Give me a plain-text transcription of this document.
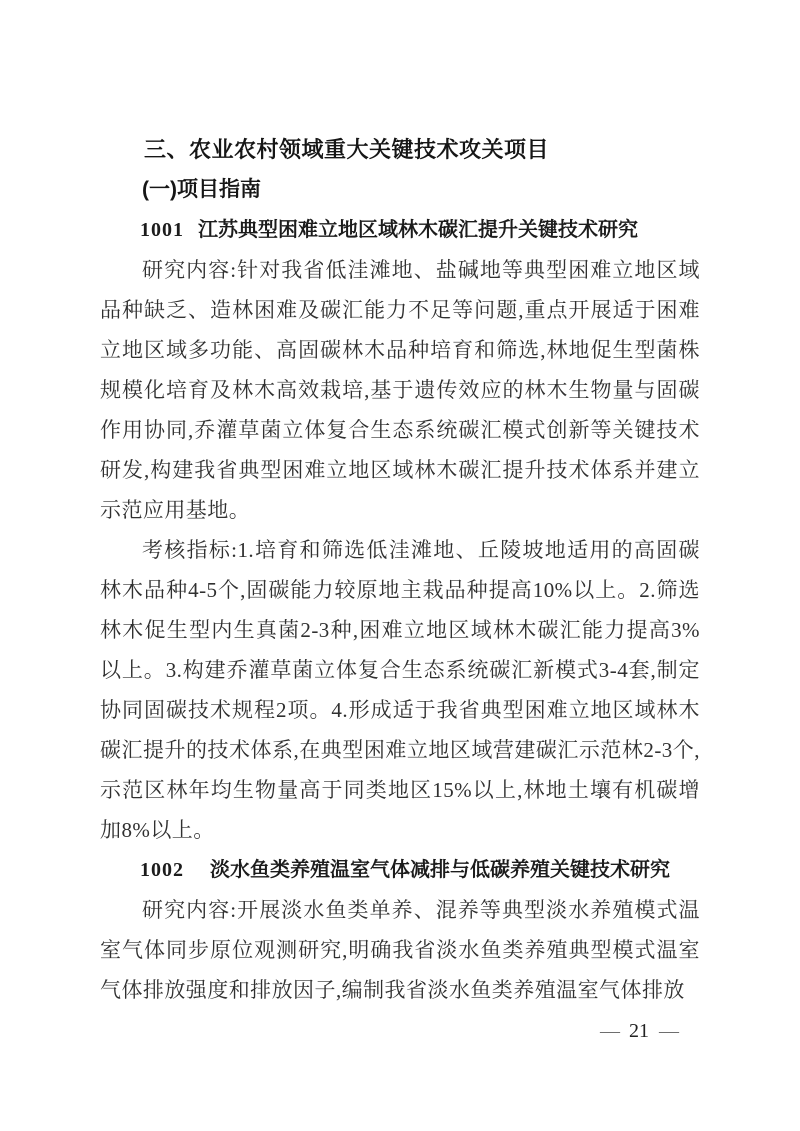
三、农业农村领域重大关键技术攻关项目
(一)项目指南
1001 江苏典型困难立地区域林木碳汇提升关键技术研究

研究内容:针对我省低洼滩地、盐碱地等典型困难立地区域品种缺乏、造林困难及碳汇能力不足等问题,重点开展适于困难立地区域多功能、高固碳林木品种培育和筛选,林地促生型菌株规模化培育及林木高效栽培,基于遗传效应的林木生物量与固碳作用协同,乔灌草菌立体复合生态系统碳汇模式创新等关键技术研发,构建我省典型困难立地区域林木碳汇提升技术体系并建立示范应用基地。

考核指标:1.培育和筛选低洼滩地、丘陵坡地适用的高固碳林木品种4-5个,固碳能力较原地主栽品种提高10%以上。2.筛选林木促生型内生真菌2-3种,困难立地区域林木碳汇能力提高3%以上。3.构建乔灌草菌立体复合生态系统碳汇新模式3-4套,制定协同固碳技术规程2项。4.形成适于我省典型困难立地区域林木碳汇提升的技术体系,在典型困难立地区域营建碳汇示范林2-3个,示范区林年均生物量高于同类地区15%以上,林地土壤有机碳增加8%以上。

1002 淡水鱼类养殖温室气体减排与低碳养殖关键技术研究

研究内容:开展淡水鱼类单养、混养等典型淡水养殖模式温室气体同步原位观测研究,明确我省淡水鱼类养殖典型模式温室气体排放强度和排放因子,编制我省淡水鱼类养殖温室气体排放

— 21 —
